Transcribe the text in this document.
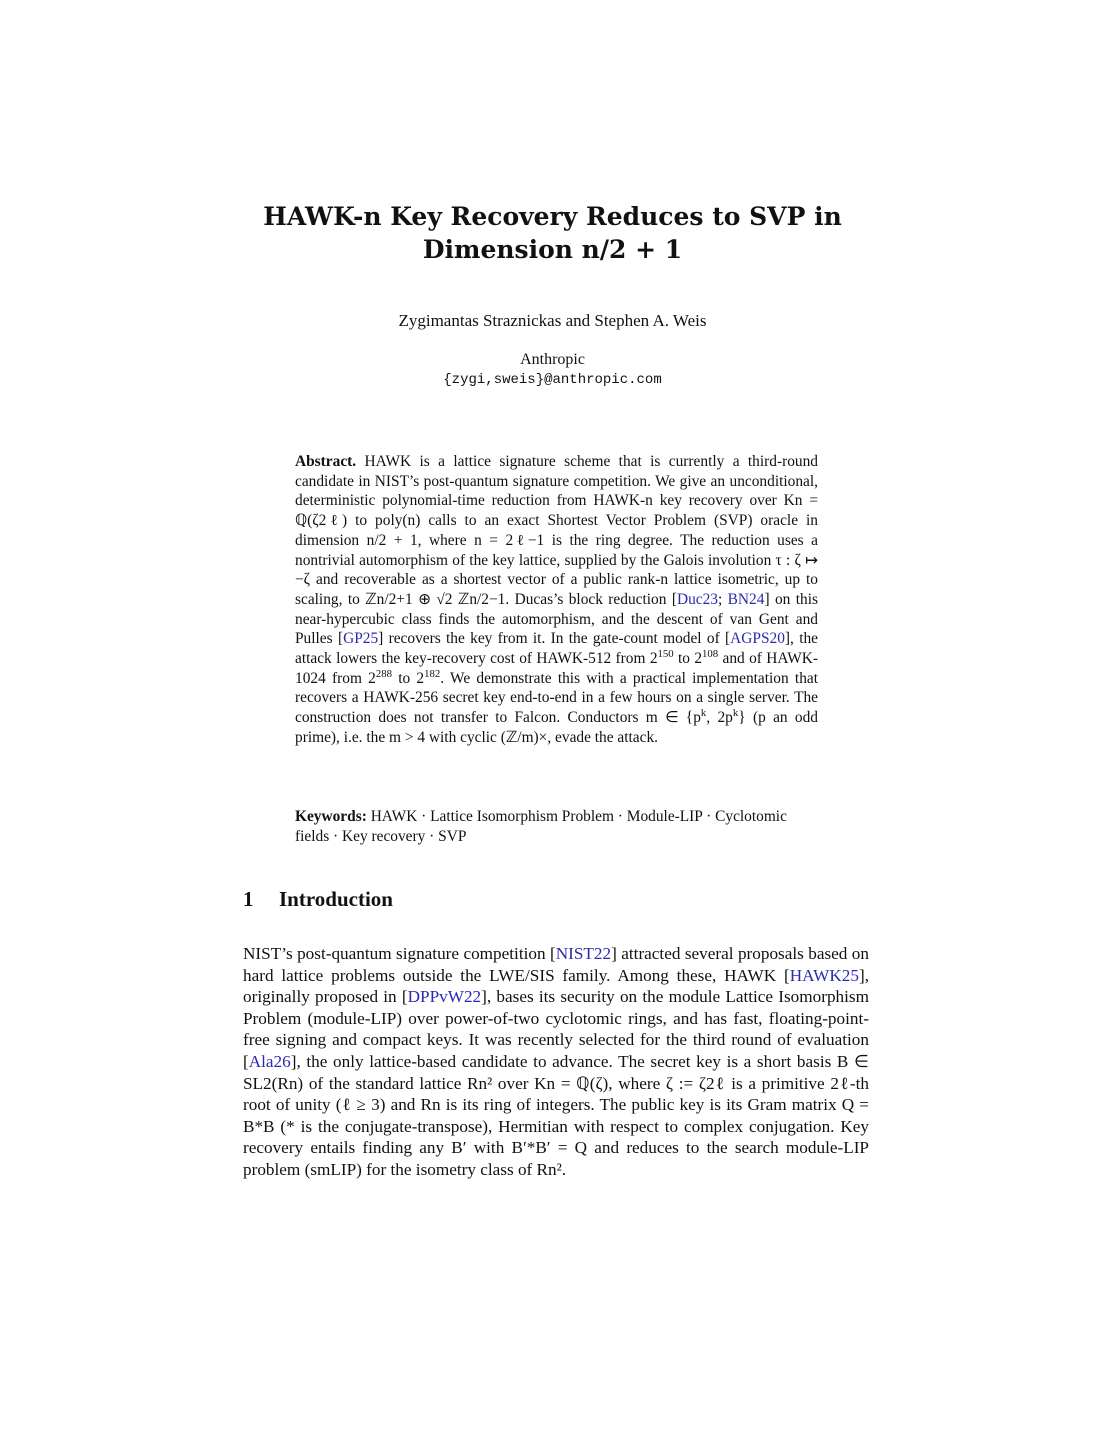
HAWK-n Key Recovery Reduces to SVP in
Dimension n/2 + 1
Zygimantas Straznickas and Stephen A. Weis
Anthropic
{zygi,sweis}@anthropic.com
Abstract. HAWK is a lattice signature scheme that is currently a third-round candidate in NIST’s post-quantum signature competition. We give an unconditional, deterministic polynomial-time reduction from HAWK-n key recovery over Kn = ℚ(ζ2ℓ) to poly(n) calls to an exact Shortest Vector Problem (SVP) oracle in dimension n/2 + 1, where n = 2ℓ−1 is the ring degree. The reduction uses a nontrivial automorphism of the key lattice, supplied by the Galois involution τ : ζ ↦ −ζ and recoverable as a shortest vector of a public rank-n lattice isometric, up to scaling, to ℤn/2+1 ⊕ √2 ℤn/2−1. Ducas’s block reduction [Duc23; BN24] on this near-hypercubic class finds the automorphism, and the descent of van Gent and Pulles [GP25] recovers the key from it. In the gate-count model of [AGPS20], the attack lowers the key-recovery cost of HAWK-512 from $2^{150}$ to $2^{108}$ and of HAWK-1024 from $2^{288}$ to $2^{182}$. We demonstrate this with a practical implementation that recovers a HAWK-256 secret key end-to-end in a few hours on a single server. The construction does not transfer to Falcon. Conductors m ∈ {$p^k$, $2p^k$} (p an odd prime), i.e. the m > 4 with cyclic (ℤ/m)×, evade the attack.
Keywords: HAWK · Lattice Isomorphism Problem · Module-LIP · Cyclotomic fields · Key recovery · SVP
1 Introduction
NIST’s post-quantum signature competition [NIST22] attracted several proposals based on hard lattice problems outside the LWE/SIS family. Among these, HAWK [HAWK25], originally proposed in [DPPvW22], bases its security on the module Lattice Isomorphism Problem (module-LIP) over power-of-two cyclotomic rings, and has fast, floating-point-free signing and compact keys. It was recently selected for the third round of evaluation [Ala26], the only lattice-based candidate to advance. The secret key is a short basis B ∈ SL2(Rn) of the standard lattice Rn² over Kn = ℚ(ζ), where ζ := ζ2ℓ is a primitive 2ℓ-th root of unity (ℓ ≥ 3) and Rn is its ring of integers. The public key is its Gram matrix Q = B*B (* is the conjugate-transpose), Hermitian with respect to complex conjugation. Key recovery entails finding any B′ with B′*B′ = Q and reduces to the search module-LIP problem (smLIP) for the isometry class of Rn².
